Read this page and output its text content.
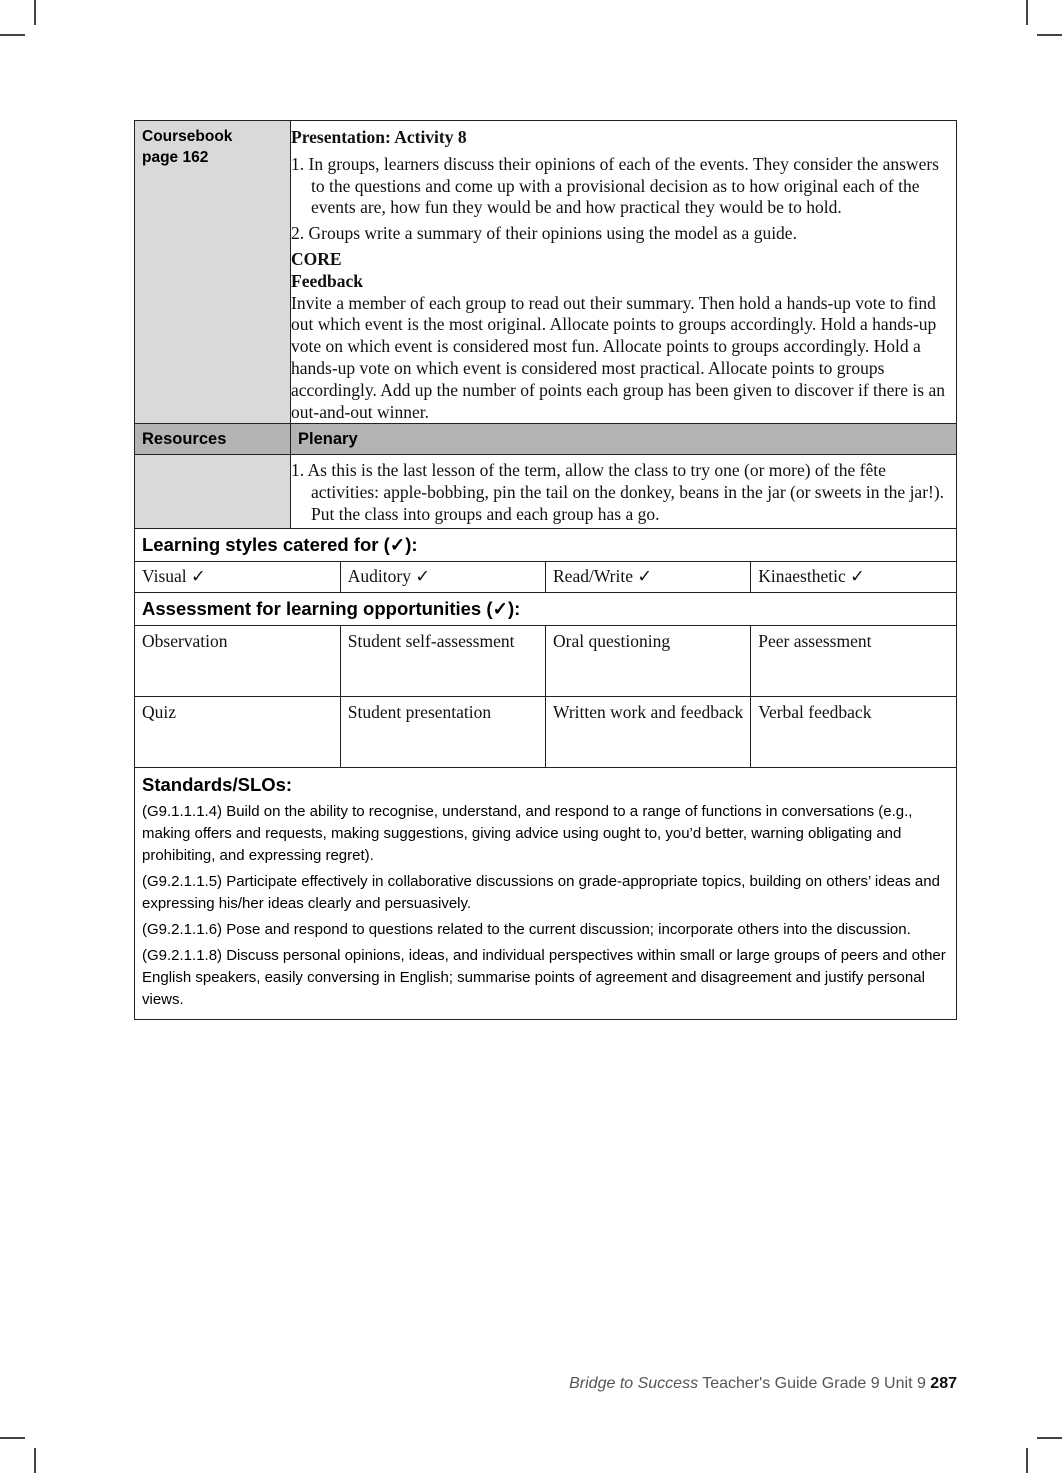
Coursebook
page 162

Presentation: Activity 8

1. In groups, learners discuss their opinions of each of the events. They consider the answers to the questions and come up with a provisional decision as to how original each of the events are, how fun they would be and how practical they would be to hold.

2. Groups write a summary of their opinions using the model as a guide.

CORE

Feedback

Invite a member of each group to read out their summary. Then hold a hands-up vote to find out which event is the most original. Allocate points to groups accordingly. Hold a hands-up vote on which event is considered most fun. Allocate points to groups accordingly. Hold a hands-up vote on which event is considered most practical. Allocate points to groups accordingly. Add up the number of points each group has been given to discover if there is an out-and-out winner.

Resources	Plenary

1. As this is the last lesson of the term, allow the class to try one (or more) of the fête activities: apple-bobbing, pin the tail on the donkey, beans in the jar (or sweets in the jar!). Put the class into groups and each group has a go.

Learning styles catered for (✓):

Visual ✓	Auditory ✓	Read/Write ✓	Kinaesthetic ✓

Assessment for learning opportunities (✓):

Observation	Student self-assessment	Oral questioning	Peer assessment
Quiz	Student presentation	Written work and feedback	Verbal feedback

Standards/SLOs:

(G9.1.1.1.4) Build on the ability to recognise, understand, and respond to a range of functions in conversations (e.g., making offers and requests, making suggestions, giving advice using ought to, you’d better, warning obligating and prohibiting, and expressing regret).

(G9.2.1.1.5) Participate effectively in collaborative discussions on grade-appropriate topics, building on others’ ideas and expressing his/her ideas clearly and persuasively.

(G9.2.1.1.6) Pose and respond to questions related to the current discussion; incorporate others into the discussion.

(G9.2.1.1.8) Discuss personal opinions, ideas, and individual perspectives within small or large groups of peers and other English speakers, easily conversing in English; summarise points of agreement and disagreement and justify personal views.

Bridge to Success Teacher's Guide Grade 9 Unit 9 287
